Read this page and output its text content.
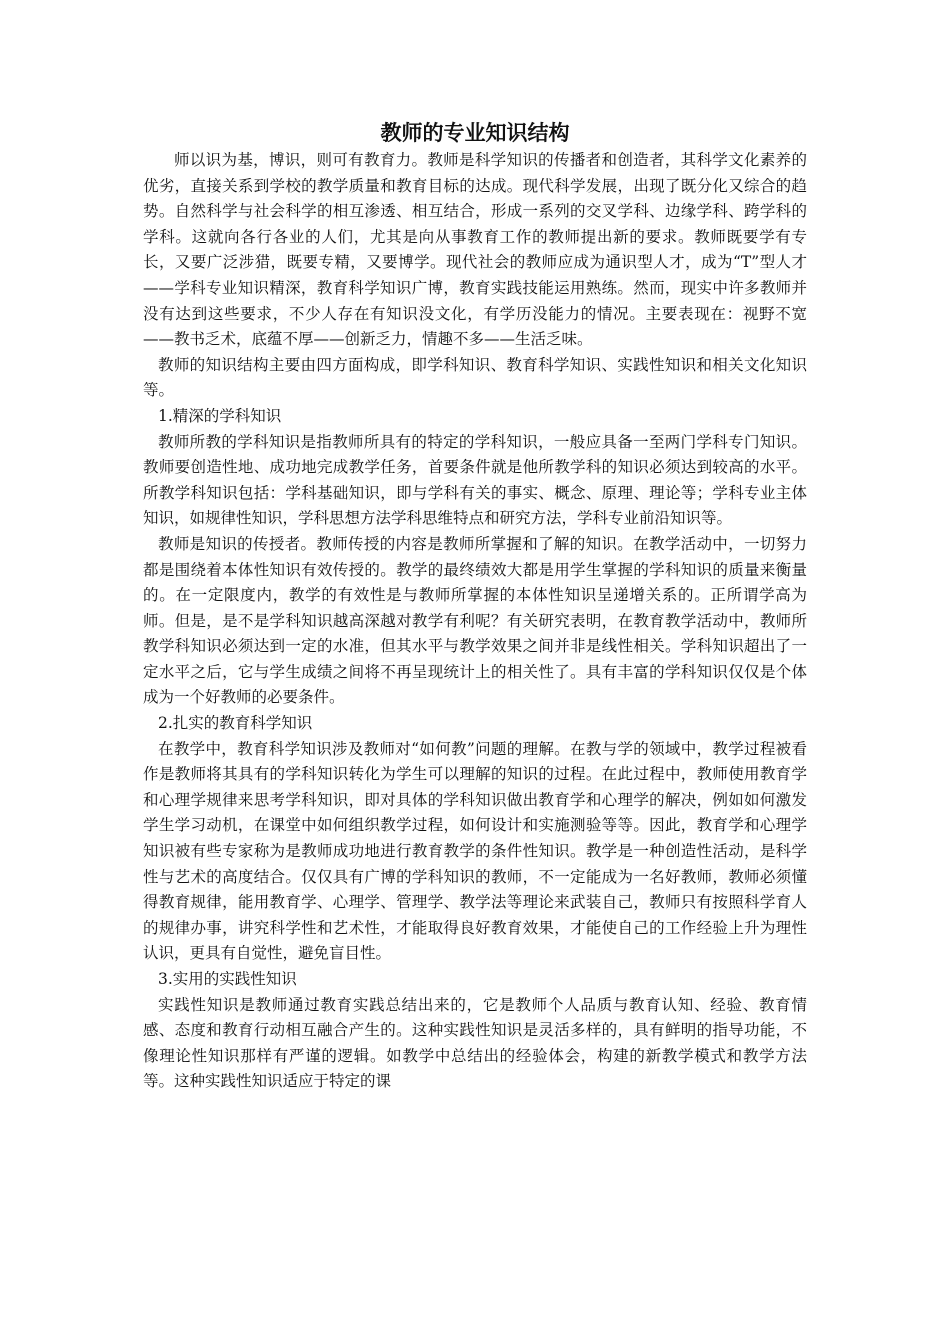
教师的专业知识结构

师以识为基，博识，则可有教育力。教师是科学知识的传播者和创造者，其科学文化素养的优劣，直接关系到学校的教学质量和教育目标的达成。现代科学发展，出现了既分化又综合的趋势。自然科学与社会科学的相互渗透、相互结合，形成一系列的交叉学科、边缘学科、跨学科的学科。这就向各行各业的人们，尤其是向从事教育工作的教师提出新的要求。教师既要学有专长，又要广泛涉猎，既要专精，又要博学。现代社会的教师应成为通识型人才，成为“T”型人才——学科专业知识精深，教育科学知识广博，教育实践技能运用熟练。然而，现实中许多教师并没有达到这些要求，不少人存在有知识没文化，有学历没能力的情况。主要表现在：视野不宽——教书乏术，底蕴不厚——创新乏力，情趣不多——生活乏味。

教师的知识结构主要由四方面构成，即学科知识、教育科学知识、实践性知识和相关文化知识等。

1.精深的学科知识

教师所教的学科知识是指教师所具有的特定的学科知识，一般应具备一至两门学科专门知识。教师要创造性地、成功地完成教学任务，首要条件就是他所教学科的知识必须达到较高的水平。所教学科知识包括：学科基础知识，即与学科有关的事实、概念、原理、理论等；学科专业主体知识，如规律性知识，学科思想方法学科思维特点和研究方法，学科专业前沿知识等。

教师是知识的传授者。教师传授的内容是教师所掌握和了解的知识。在教学活动中，一切努力都是围绕着本体性知识有效传授的。教学的最终绩效大都是用学生掌握的学科知识的质量来衡量的。在一定限度内，教学的有效性是与教师所掌握的本体性知识呈递增关系的。正所谓学高为师。但是，是不是学科知识越高深越对教学有利呢？有关研究表明，在教育教学活动中，教师所教学科知识必须达到一定的水准，但其水平与教学效果之间并非是线性相关。学科知识超出了一定水平之后，它与学生成绩之间将不再呈现统计上的相关性了。具有丰富的学科知识仅仅是个体成为一个好教师的必要条件。

2.扎实的教育科学知识

在教学中，教育科学知识涉及教师对“如何教”问题的理解。在教与学的领域中，教学过程被看作是教师将其具有的学科知识转化为学生可以理解的知识的过程。在此过程中，教师使用教育学和心理学规律来思考学科知识，即对具体的学科知识做出教育学和心理学的解决，例如如何激发学生学习动机，在课堂中如何组织教学过程，如何设计和实施测验等等。因此，教育学和心理学知识被有些专家称为是教师成功地进行教育教学的条件性知识。教学是一种创造性活动，是科学性与艺术的高度结合。仅仅具有广博的学科知识的教师，不一定能成为一名好教师，教师必须懂得教育规律，能用教育学、心理学、管理学、教学法等理论来武装自己，教师只有按照科学育人的规律办事，讲究科学性和艺术性，才能取得良好教育效果，才能使自己的工作经验上升为理性认识，更具有自觉性，避免盲目性。

3.实用的实践性知识

实践性知识是教师通过教育实践总结出来的，它是教师个人品质与教育认知、经验、教育情感、态度和教育行动相互融合产生的。这种实践性知识是灵活多样的，具有鲜明的指导功能，不像理论性知识那样有严谨的逻辑。如教学中总结出的经验体会，构建的新教学模式和教学方法等。这种实践性知识适应于特定的课
